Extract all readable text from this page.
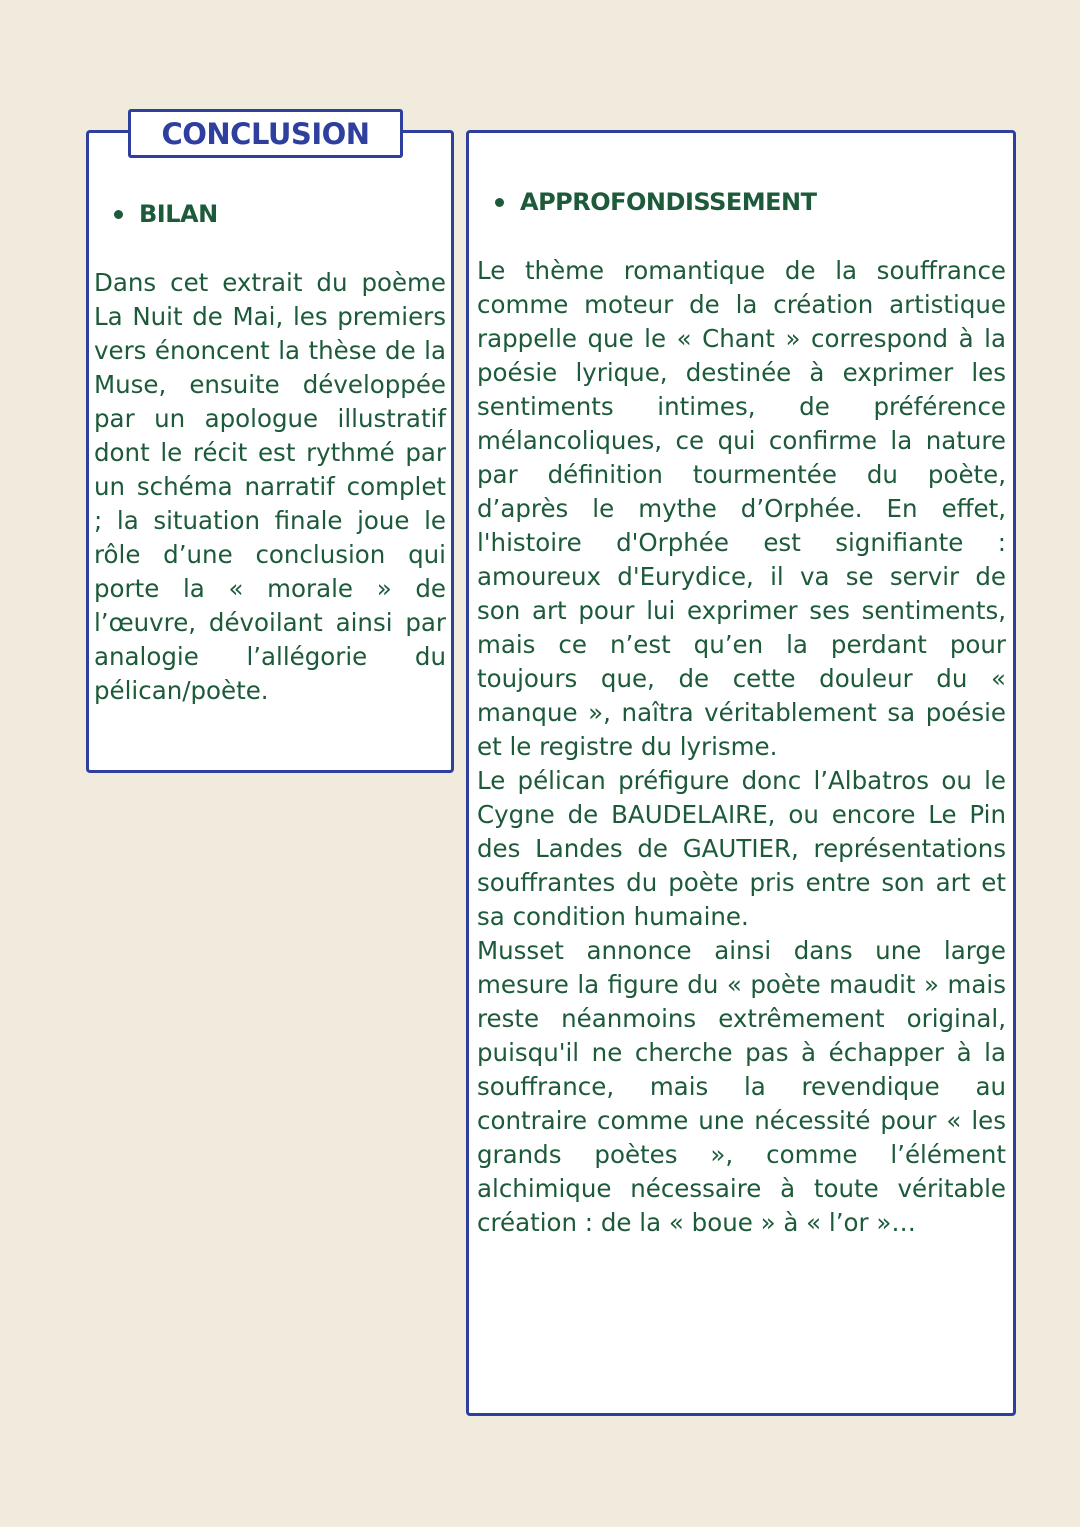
CONCLUSION
BILAN

Dans cet extrait du poème La Nuit de Mai, les premiers vers énoncent la thèse de la Muse, ensuite développée par un apologue illustratif dont le récit est rythmé par un schéma narratif complet ; la situation finale joue le rôle d’une conclusion qui porte la « morale » de l’œuvre, dévoilant ainsi par analogie l’allégorie du pélican/poète.

APPROFONDISSEMENT

Le thème romantique de la souffrance comme moteur de la création artistique rappelle que le « Chant » correspond à la poésie lyrique, destinée à exprimer les sentiments intimes, de préférence mélancoliques, ce qui confirme la nature par définition tourmentée du poète, d’après le mythe d’Orphée. En effet, l'histoire d'Orphée est signifiante : amoureux d'Eurydice, il va se servir de son art pour lui exprimer ses sentiments, mais ce n’est qu’en la perdant pour toujours que, de cette douleur du « manque », naîtra véritablement sa poésie et le registre du lyrisme.

Le pélican préfigure donc l’Albatros ou le Cygne de BAUDELAIRE, ou encore Le Pin des Landes de GAUTIER, représentations souffrantes du poète pris entre son art et sa condition humaine.

Musset annonce ainsi dans une large mesure la figure du « poète maudit » mais reste néanmoins extrêmement original, puisqu'il ne cherche pas à échapper à la souffrance, mais la revendique au contraire comme une nécessité pour « les grands poètes », comme l’élément alchimique nécessaire à toute véritable création : de la « boue » à « l’or »…
